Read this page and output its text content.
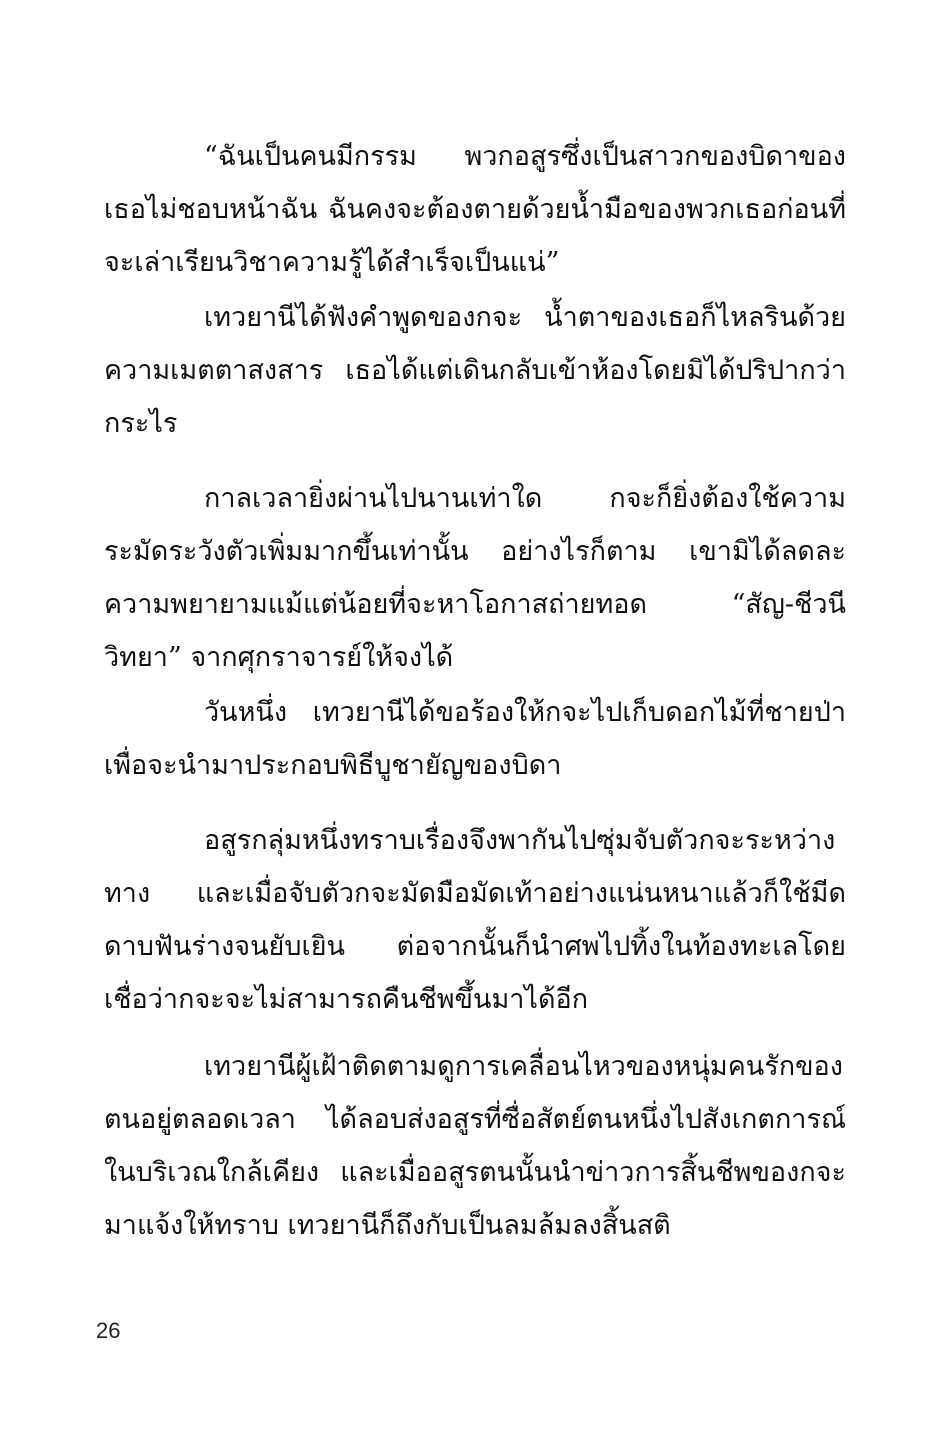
“ฉันเป็นคนมีกรรม พวกอสูรซึ่งเป็นสาวกของบิดาของเธอไม่ชอบหน้าฉัน ฉันคงจะต้องตายด้วยน้ำมือของพวกเธอก่อนที่จะเล่าเรียนวิชาความรู้ได้สำเร็จเป็นแน่”

เทวยานีได้ฟังคำพูดของกจะ น้ำตาของเธอก็ไหลรินด้วยความเมตตาสงสาร เธอได้แต่เดินกลับเข้าห้องโดยมิได้ปริปากว่ากระไร

กาลเวลายิ่งผ่านไปนานเท่าใด กจะก็ยิ่งต้องใช้ความระมัดระวังตัวเพิ่มมากขึ้นเท่านั้น อย่างไรก็ตาม เขามิได้ลดละความพยายามแม้แต่น้อยที่จะหาโอกาสถ่ายทอด “สัญ-ชีวนีวิทยา” จากศุกราจารย์ให้จงได้

วันหนึ่ง เทวยานีได้ขอร้องให้กจะไปเก็บดอกไม้ที่ชายป่าเพื่อจะนำมาประกอบพิธีบูชายัญของบิดา

อสูรกลุ่มหนึ่งทราบเรื่องจึงพากันไปซุ่มจับตัวกจะระหว่างทาง และเมื่อจับตัวกจะมัดมือมัดเท้าอย่างแน่นหนาแล้วก็ใช้มีดดาบฟันร่างจนยับเยิน ต่อจากนั้นก็นำศพไปทิ้งในท้องทะเลโดยเชื่อว่ากจะจะไม่สามารถคืนชีพขึ้นมาได้อีก

เทวยานีผู้เฝ้าติดตามดูการเคลื่อนไหวของหนุ่มคนรักของตนอยู่ตลอดเวลา ได้ลอบส่งอสูรที่ซื่อสัตย์ตนหนึ่งไปสังเกตการณ์ในบริเวณใกล้เคียง และเมื่ออสูรตนนั้นนำข่าวการสิ้นชีพของกจะมาแจ้งให้ทราบ เทวยานีก็ถึงกับเป็นลมล้มลงสิ้นสติ

26
